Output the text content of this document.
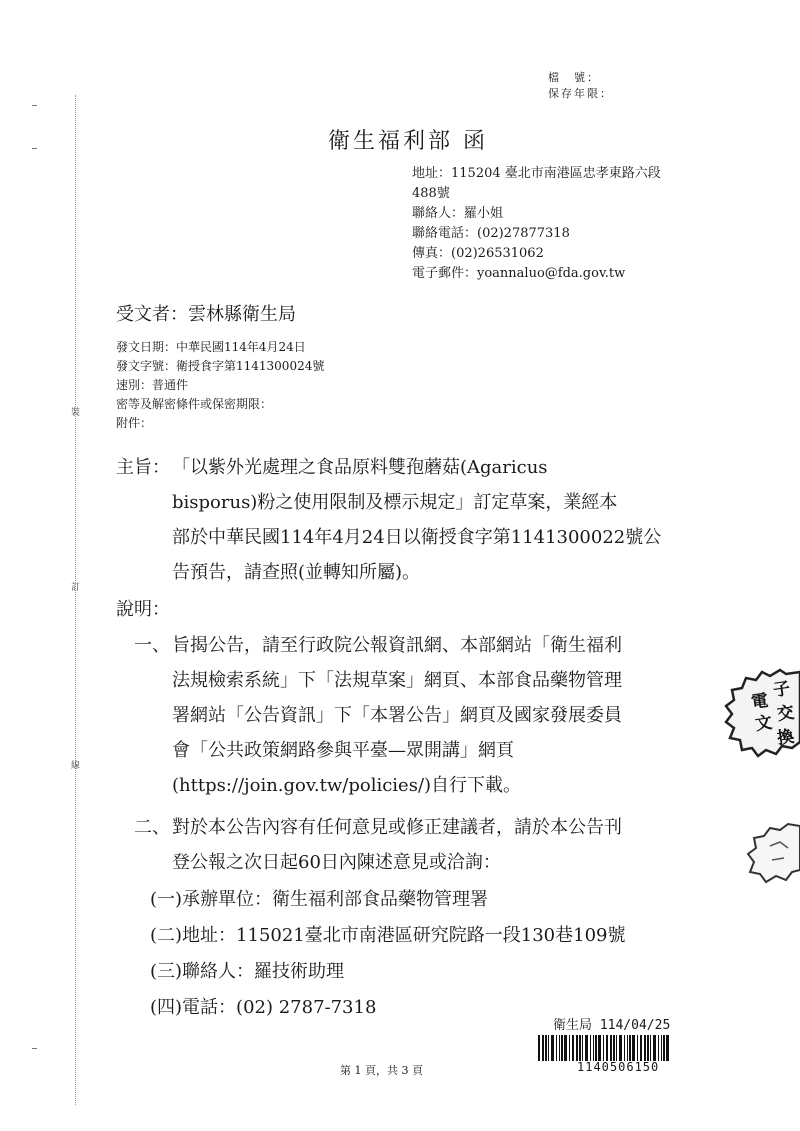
裝
訂
線
檔　號：
保存年限：
衛生福利部 函
地址：115204 臺北市南港區忠孝東路六段
488號
聯絡人：羅小姐
聯絡電話：(02)27877318
傳真：(02)26531062
電子郵件：yoannaluo@fda.gov.tw
受文者：雲林縣衛生局
發文日期：中華民國114年4月24日
發文字號：衛授食字第1141300024號
速別：普通件
密等及解密條件或保密期限：
附件：
主旨： 「以紫外光處理之食品原料雙孢蘑菇(Agaricus
bisporus)粉之使用限制及標示規定」訂定草案，業經本
部於中華民國114年4月24日以衛授食字第1141300022號公
告預告，請查照(並轉知所屬)。
說明：
一、 旨揭公告，請至行政院公報資訊網、本部網站「衛生福利
法規檢索系統」下「法規草案」網頁、本部食品藥物管理
署網站「公告資訊」下「本署公告」網頁及國家發展委員
會「公共政策網路參與平臺—眾開講」網頁
(https://join.gov.tw/policies/)自行下載。
二、 對於本公告內容有任何意見或修正建議者，請於本公告刊
登公報之次日起60日內陳述意見或洽詢：
(一)承辦單位：衛生福利部食品藥物管理署
(二)地址：115021臺北市南港區研究院路一段130巷109號
(三)聯絡人：羅技術助理
(四)電話：(02) 2787-7318
衛生局 114/04/25
1140506150
第 1 頁，共 3 頁
電
子
文 交
換
